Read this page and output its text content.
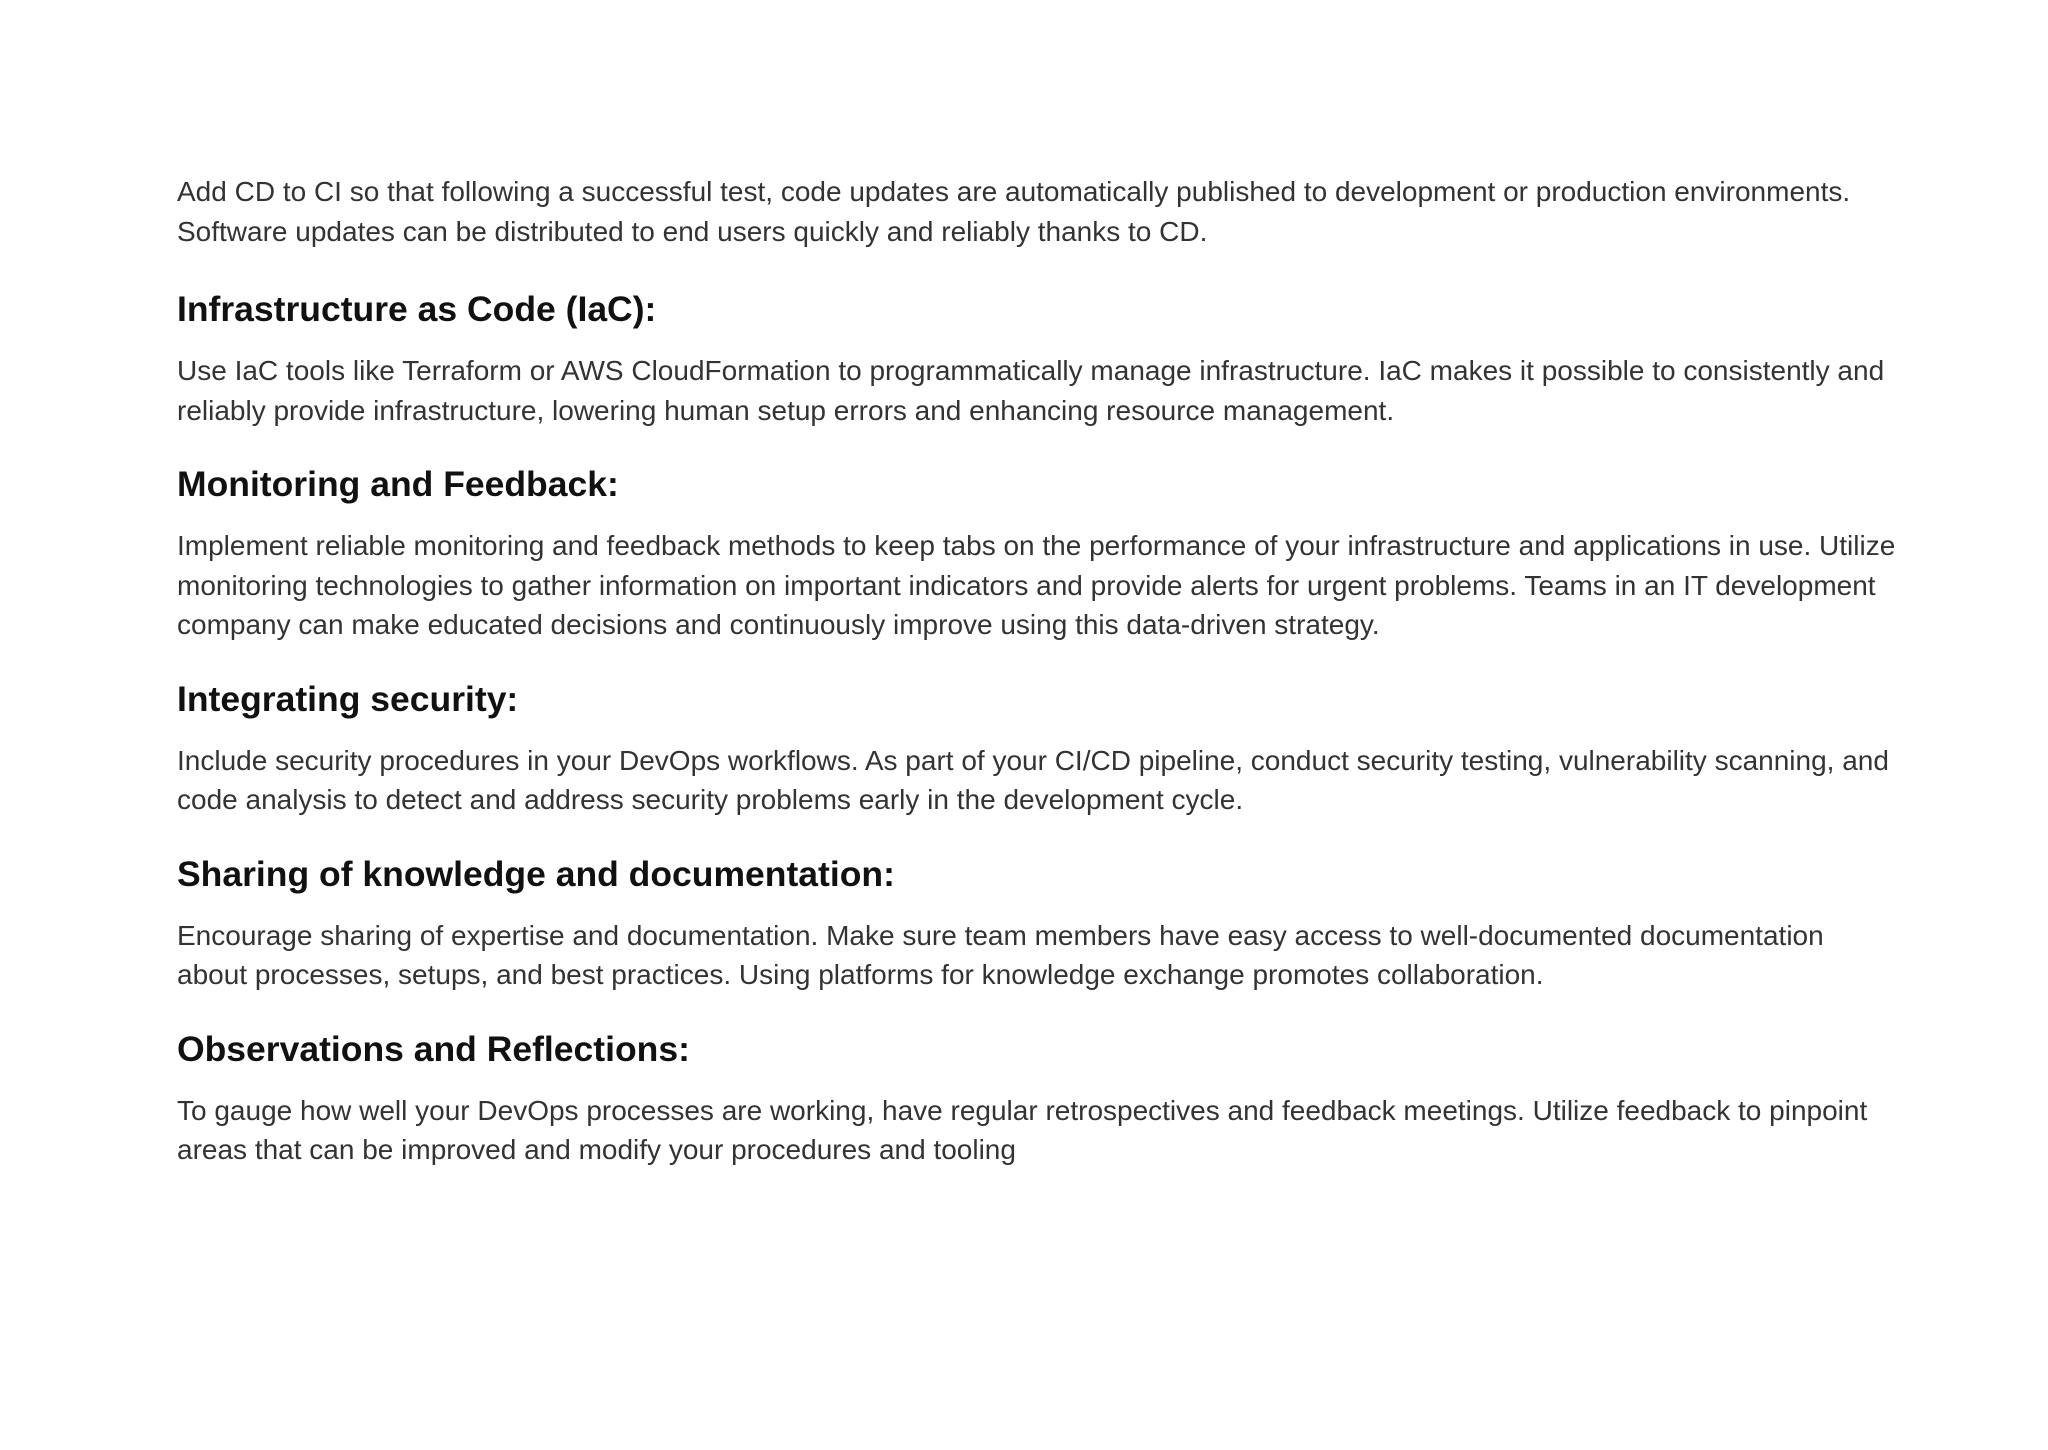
Add CD to CI so that following a successful test, code updates are automatically published to development or production environments. Software updates can be distributed to end users quickly and reliably thanks to CD.

Infrastructure as Code (IaC):

Use IaC tools like Terraform or AWS CloudFormation to programmatically manage infrastructure. IaC makes it possible to consistently and reliably provide infrastructure, lowering human setup errors and enhancing resource management.

Monitoring and Feedback:

Implement reliable monitoring and feedback methods to keep tabs on the performance of your infrastructure and applications in use. Utilize monitoring technologies to gather information on important indicators and provide alerts for urgent problems. Teams in an IT development company can make educated decisions and continuously improve using this data-driven strategy.

Integrating security:

Include security procedures in your DevOps workflows. As part of your CI/CD pipeline, conduct security testing, vulnerability scanning, and code analysis to detect and address security problems early in the development cycle.

Sharing of knowledge and documentation:

Encourage sharing of expertise and documentation. Make sure team members have easy access to well-documented documentation about processes, setups, and best practices. Using platforms for knowledge exchange promotes collaboration.

Observations and Reflections:

To gauge how well your DevOps processes are working, have regular retrospectives and feedback meetings. Utilize feedback to pinpoint areas that can be improved and modify your procedures and tooling
